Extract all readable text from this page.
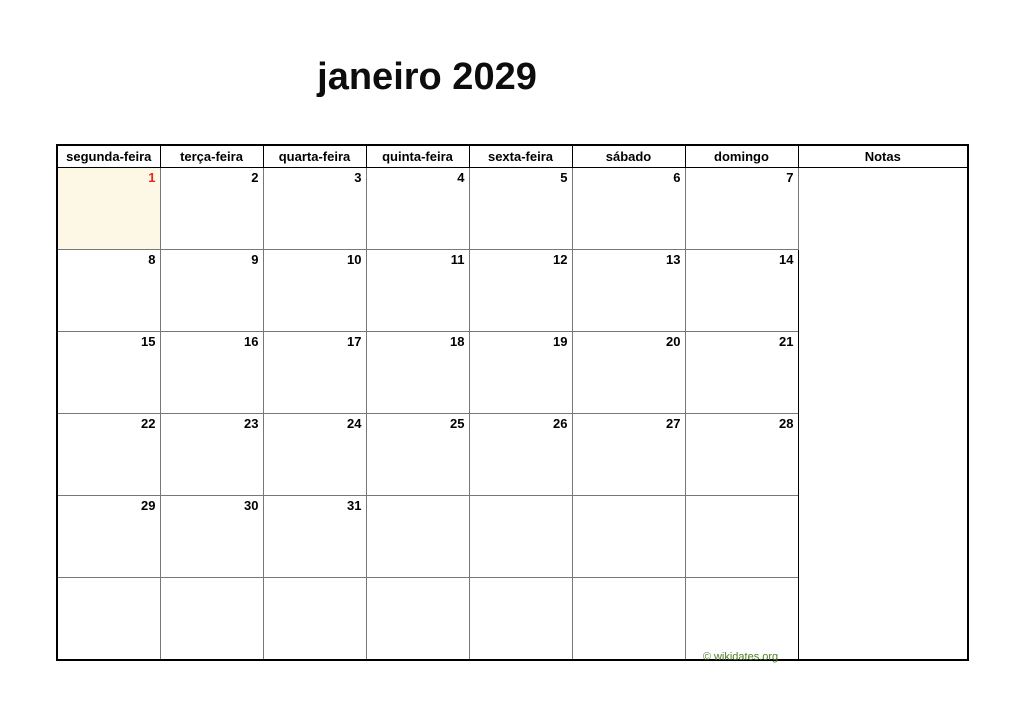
janeiro 2029
segunda-feira	terça-feira	quarta-feira	quinta-feira	sexta-feira	sábado	domingo	Notas
1	2	3	4	5	6	7	
8	9	10	11	12	13	14	
15	16	17	18	19	20	21	
22	23	24	25	26	27	28	
29	30	31					

© wikidates.org
